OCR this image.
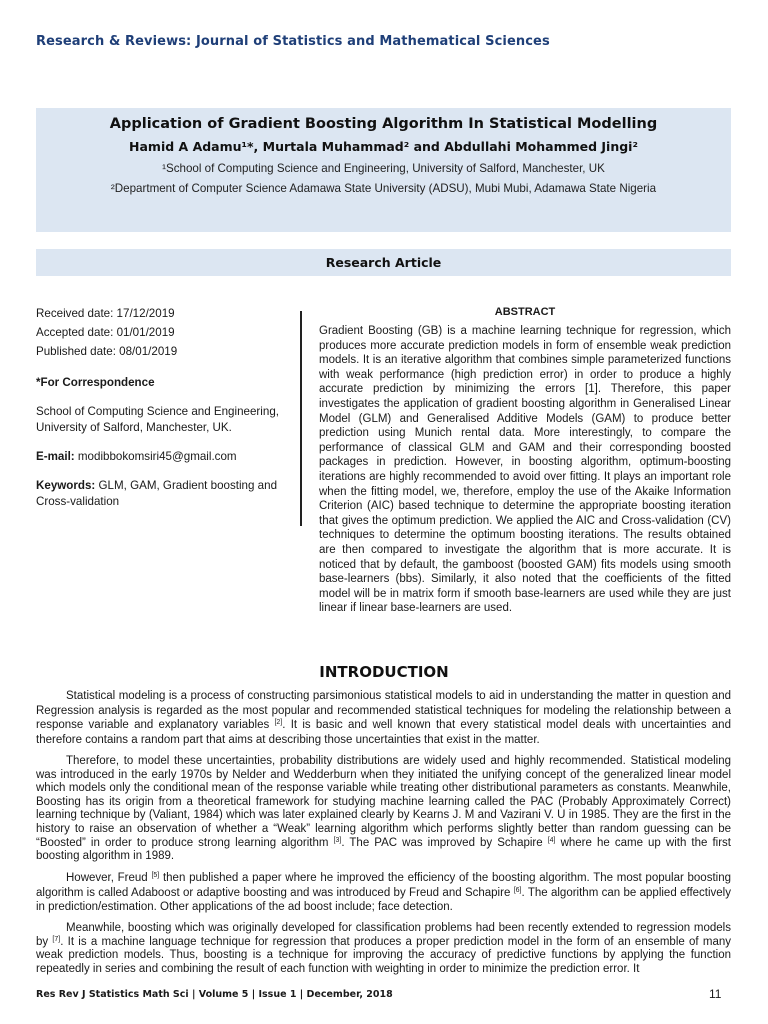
Research & Reviews: Journal of Statistics and Mathematical Sciences
Application of Gradient Boosting Algorithm In Statistical Modelling
Hamid A Adamu¹*, Murtala Muhammad² and Abdullahi Mohammed Jingi²
¹School of Computing Science and Engineering, University of Salford, Manchester, UK
²Department of Computer Science Adamawa State University (ADSU), Mubi Mubi, Adamawa State Nigeria
Research Article
Received date: 17/12/2019
Accepted date: 01/01/2019
Published date: 08/01/2019
*For Correspondence
School of Computing Science and Engineering, University of Salford, Manchester, UK.
E-mail: modibbokomsiri45@gmail.com
Keywords: GLM, GAM, Gradient boosting and Cross-validation
ABSTRACT
Gradient Boosting (GB) is a machine learning technique for regression, which produces more accurate prediction models in form of ensemble weak prediction models. It is an iterative algorithm that combines simple parameterized functions with weak performance (high prediction error) in order to produce a highly accurate prediction by minimizing the errors [1]. Therefore, this paper investigates the application of gradient boosting algorithm in Generalised Linear Model (GLM) and Generalised Additive Models (GAM) to produce better prediction using Munich rental data. More interestingly, to compare the performance of classical GLM and GAM and their corresponding boosted packages in prediction. However, in boosting algorithm, optimum-boosting iterations are highly recommended to avoid over fitting. It plays an important role when the fitting model, we, therefore, employ the use of the Akaike Information Criterion (AIC) based technique to determine the appropriate boosting iteration that gives the optimum prediction. We applied the AIC and Cross-validation (CV) techniques to determine the optimum boosting iterations. The results obtained are then compared to investigate the algorithm that is more accurate. It is noticed that by default, the gamboost (boosted GAM) fits models using smooth base-learners (bbs). Similarly, it also noted that the coefficients of the fitted model will be in matrix form if smooth base-learners are used while they are just linear if linear base-learners are used.
INTRODUCTION

Statistical modeling is a process of constructing parsimonious statistical models to aid in understanding the matter in question and Regression analysis is regarded as the most popular and recommended statistical techniques for modeling the relationship between a response variable and explanatory variables [2]. It is basic and well known that every statistical model deals with uncertainties and therefore contains a random part that aims at describing those uncertainties that exist in the matter.

Therefore, to model these uncertainties, probability distributions are widely used and highly recommended. Statistical modeling was introduced in the early 1970s by Nelder and Wedderburn when they initiated the unifying concept of the generalized linear model which models only the conditional mean of the response variable while treating other distributional parameters as constants. Meanwhile, Boosting has its origin from a theoretical framework for studying machine learning called the PAC (Probably Approximately Correct) learning technique by (Valiant, 1984) which was later explained clearly by Kearns J. M and Vazirani V. U in 1985. They are the first in the history to raise an observation of whether a “Weak” learning algorithm which performs slightly better than random guessing can be “Boosted” in order to produce strong learning algorithm [3]. The PAC was improved by Schapire [4] where he came up with the first boosting algorithm in 1989.

However, Freud [5] then published a paper where he improved the efficiency of the boosting algorithm. The most popular boosting algorithm is called Adaboost or adaptive boosting and was introduced by Freud and Schapire [6]. The algorithm can be applied effectively in prediction/estimation. Other applications of the ad boost include; face detection.

Meanwhile, boosting which was originally developed for classification problems had been recently extended to regression models by [7]. It is a machine language technique for regression that produces a proper prediction model in the form of an ensemble of many weak prediction models. Thus, boosting is a technique for improving the accuracy of predictive functions by applying the function repeatedly in series and combining the result of each function with weighting in order to minimize the prediction error. It

Res Rev J Statistics Math Sci | Volume 5 | Issue 1 | December, 2018	11
